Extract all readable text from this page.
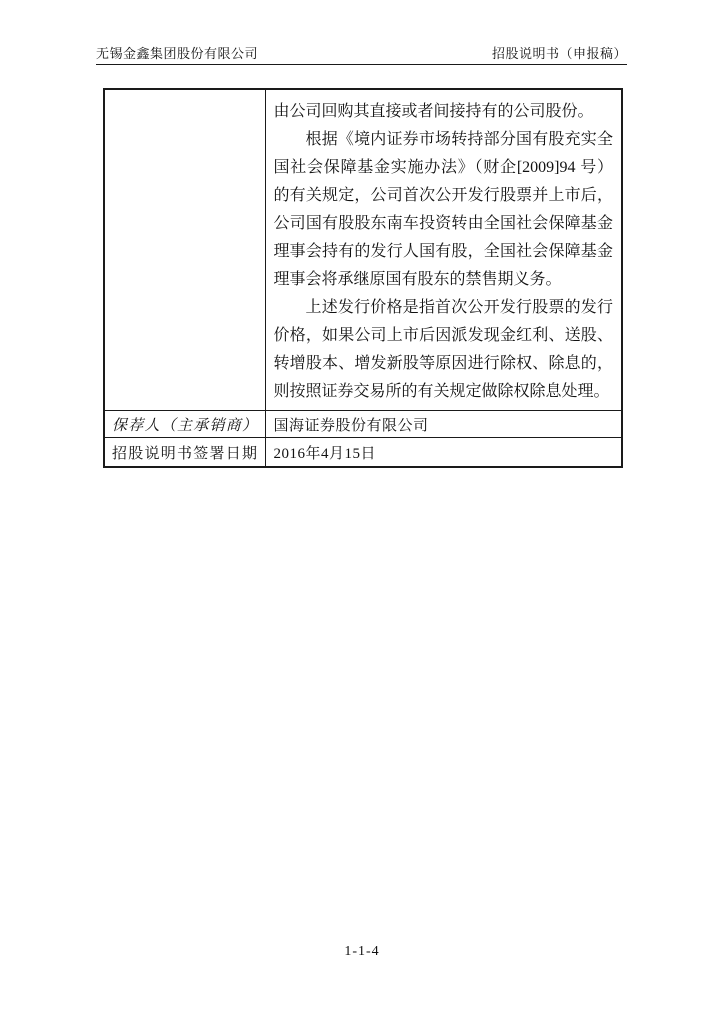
无锡金鑫集团股份有限公司	招股说明书（申报稿）

	由公司回购其直接或者间接持有的公司股份。

根据《境内证券市场转持部分国有股充实全国社会保障基金实施办法》（财企[2009]94 号）的有关规定，公司首次公开发行股票并上市后，公司国有股股东南车投资转由全国社会保障基金理事会持有的发行人国有股，全国社会保障基金理事会将承继原国有股东的禁售期义务。

上述发行价格是指首次公开发行股票的发行价格，如果公司上市后因派发现金红利、送股、转增股本、增发新股等原因进行除权、除息的，则按照证券交易所的有关规定做除权除息处理。

保荐人（主承销商）	国海证券股份有限公司
招股说明书签署日期	2016年4月15日
1-1-4
